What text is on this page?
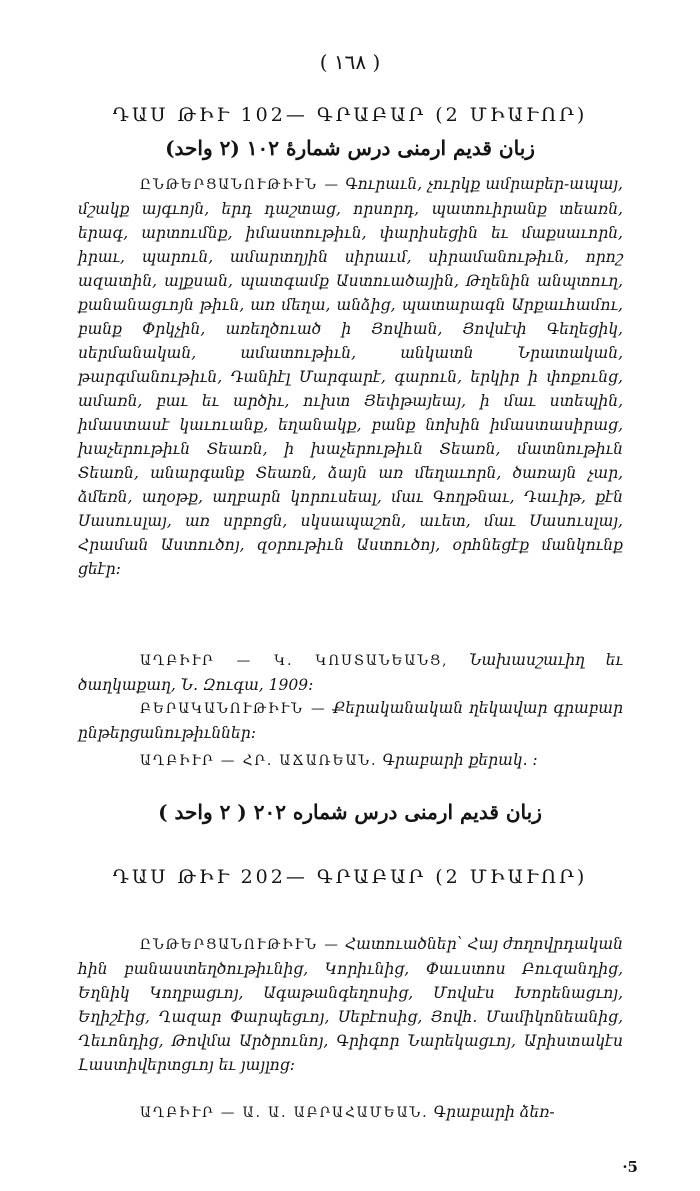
( ١٦٨ )
ԴԱՍ ԹԻՒ 102— ԳՐԱԲԱՐ (2 ՄԻԱՒՈՐ)
زبان قديم ارمنى درس شمارهٔ ۱۰۲ (۲ واحد)
ԸՆԹԵՐՑԱՆՈՒԹԻՒՆ — Գուրաւն, չուրկք ամրաբեր-ապայ, մշակք այգւոյն, երդ դաշտաց, որսորդ, պատուիրանք տեառն, երագ, արտումնք, իմաստութիւն, փարիսեցին եւ մաքսաւորն, իրաւ, պարուն, ամարտղյին սիրաւմ, սիրամանութիւն, որոշ ազատին, ալքսան, պատգամք Աստուածային, Թղենին անպտուղ, քանանացւոյն թիւն, առ մեղա, անձից, պատարագն Արքաւհամու, բանք Փրկչին, առեղծուած ի Յովհան, Յովսէփ Գեղեցիկ, սերմանական, ամատութիւն, անկատն Նրատական, թարգմանութիւն, Դանիէլ Մարգարէ, գարուն, երկիր ի փոքունց, ամառն, բաւ եւ արծիւ, ուխտ Յեփթայեայ, ի մաւ ստեպին, իմաստասէ կաւուանք, եղանակք, բանք նոխին իմաստասիրաց, խաչերութիւն Տեառն, ի խաչերութիւն Տեառն, մատնութիւն Տեառն, անարգանք Տեառն, ձայն առ մեղաւորն, ծառայն չար, ձմեռն, աղօթք, աղբարն կորուսեալ, մաւ Գողթնաւ, Դաւիթ, քէն Սասուսլայ, առ սրբոցն, սկսապաշոն, աւետ, մաւ Սասուսլայ, Հրաման Աստուծոյ, զօրութիւն Աստուծոյ, օրհնեցէք մանկունք ցեէր:
ԱՂԲԻՒՐ — Կ. ԿՈՍՏԱՆԵԱՆՑ, Նախասշաւիղ եւ ծաղկաքաղ, Ն. Զուգա, 1909:
ԲԵՐԱԿԱՆՈՒԹԻՒՆ — Քերականական ղեկավար գրաբար ընթերցանութիւններ:
ԱՂԲԻՒՐ — ՀՐ. ԱՃԱՌԵԱՆ. Գրաբարի քերակ. :
زبان قديم ارمنى درس شماره ۲۰۲ ( ۲ واحد )
ԴԱՍ ԹԻՒ 202— ԳՐԱԲԱՐ (2 ՄԻԱՒՈՐ)
ԸՆԹԵՐՑԱՆՈՒԹԻՒՆ — Հատուածներ՝ Հայ ժողովրդական հին բանաստեղծութիւնից, Կորիւնից, Փաւստոս Բուզանդից, Եղնիկ Կողբացւոյ, Ագաթանգեղոսից, Մովսէս Խորենացւոյ, Եղիշէից, Ղազար Փարպեցւոյ, Սեբէոսից, Յովհ. Մամիկոնեանից, Ղեւոնդից, Թովմա Արծրունոյ, Գրիգոր Նարեկացւոյ, Արիստակէս Լաստիվերտցւոյ եւ յայլոց:
ԱՂԲԻՒՐ — Ա. Ա. ԱԲՐԱՀԱՄԵԱՆ. Գրաբարի ձեռ-
·5
